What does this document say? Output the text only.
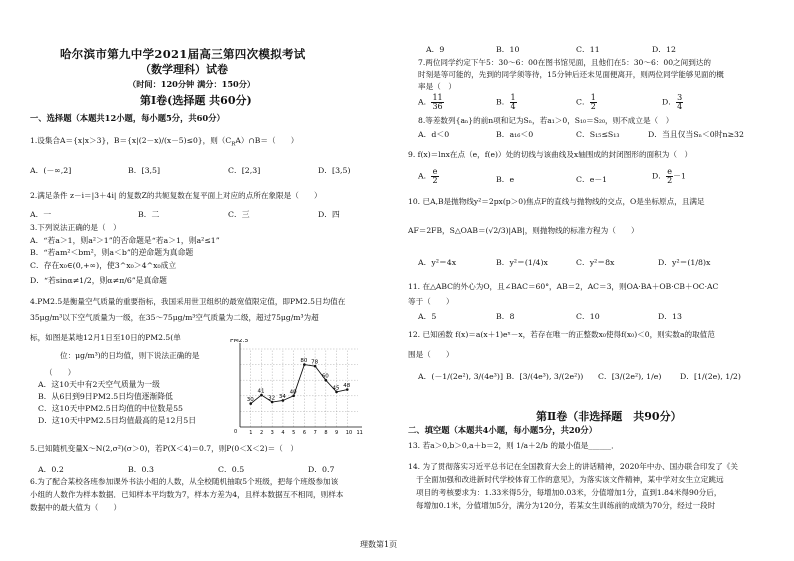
哈尔滨市第九中学2021届高三第四次模拟考试
（数学理科）试卷
（时间：120分钟 满分：150分）
第Ⅰ卷(选择题 共60分)
一、选择题（本题共12小题，每小题5分，共60分）
1.设集合A＝{x|x＞3}，B＝{x|(2－x)/(x－5)≤0}，则$(C_RA)\cap B=$（　　）
A．(－∞,2]	B．[3,5]	C．[2,3]	D．[3,5)
2.满足条件 z－i＝|3＋4i| 的复数Z的共轭复数在复平面上对应的点所在象限是（　　）
A．一	B．二	C．三	D．四
3.下列说法正确的是（　）
A．“若a＞1，则a²＞1”的否命题是“若a＞1，则a²≤1”
B．“若am²＜bm²，则a＜b”的逆命题为真命题
C．存在x₀∈(0,+∞)，使3^x₀＞4^x₀成立
D．“若sinα≠1/2，则α≠π/6”是真命题
4.PM2.5是衡量空气质量的重要指标，我国采用世卫组织的最宽值限定值，即PM2.5日均值在
35μg/m³以下空气质量为一级，在35～75μg/m³空气质量为二级，超过75μg/m³为超
标，如图是某地12月1日至10日的PM2.5(单
位：μg/m³)的日均值，则下说法正确的是
（　　）
A．这10天中有2天空气质量为一级
B．从6日到9日PM2.5日均值逐渐降低
C．这10天中PM2.5日均值的中位数是55
D．这10天中PM2.5日均值最高的是12月5日
PM2.5
1 2 3 4 5 6 7 8 9 10 11
0
30
41
32 34
40
80 78
60
45 48
5.已知随机变量X～N(2,σ²)(σ＞0)，若P(X＜4)＝0.7，则P(0＜X＜2)＝（　）
A．0.2	B．0.3	C．0.5	D．0.7
6.为了配合某校各班参加课外书法小组的人数，从全校随机抽取5个班级，把每个班级参加该
小组的人数作为样本数据．已知样本平均数为7，样本方差为4，且样本数据互不相同，则样本
数据中的最大值为（　　）
A．9	B．10	C．11	D．12
7.两位同学约定下午5：30～6：00在图书馆见面，且他们在5：30～6：00之间到达的
时刻是等可能的，先到的同学须等待，15分钟后还未见面便离开，则两位同学能够见面的概
率是（　）
A． $\frac{11}{36}$	B． $\frac{1}{4}$	C． $\frac{1}{2}$	D． $\frac{3}{4}$
8.等差数列{aₙ}的前n项和记为Sₙ，若a₁＞0，S₁₀＝S₂₀，则不成立是（　）
A．d＜0	B．a₁₆＜0	C．S₁₅≤S₁₃	D．当且仅当Sₙ＜0时n≥32
9. f(x)＝lnx在点（e，f(e)）处的切线与该曲线及x轴围成的封闭图形的面积为（　）
A． $\frac{e}{2}$	B．e	C．e－1	D． $\frac{e}{2} -1$
10. 已A,B是抛物线y²＝2px(p＞0)焦点F的直线与抛物线的交点，O是坐标原点，且满足
AF＝2FB，S△OAB＝(√2/3)|AB|，则抛物线的标准方程为（　　）
A．y²＝4x	B．y²＝(1/4)x	C．y²＝8x	D．y²＝(1/8)x
11. 在△ABC的外心为O，且∠BAC＝60°，AB＝2，AC＝3，则OA·BA＋OB·CB＋OC·AC
等于（　　）
A．5	B．8	C．10	D．13
12. 已知函数 f(x)＝a(x＋1)eˣ－x，若存在唯一的正整数x₀使得f(x₀)＜0，则实数a的取值范
围是（　　）
A．(－1/(2e²), 3/(4e³)] B．[3/(4e³), 3/(2e²)) C．[3/(2e²), 1/e) D．[1/(2e), 1/2)
第Ⅱ卷（非选择题　共90分）
二、填空题（本题共4小题，每小题5分，共20分）
13. 若a＞0,b＞0,a＋b＝2，则 1/a＋2/b 的最小值是______．
14. 为了贯彻落实习近平总书记在全国教育大会上的讲话精神，2020年中办、国办联合印发了《关
于全面加强和改进新时代学校体育工作的意见》，为落实该文件精神，某中学对女生立定跳远
项目的考核要求为：1.33米得5分，每增加0.03米，分值增加1分，直到1.84米得90分后，
每增加0.1米，分值增加5分，满分为120分，若某女生训练前的成绩为70分，经过一段时
理数第1页
